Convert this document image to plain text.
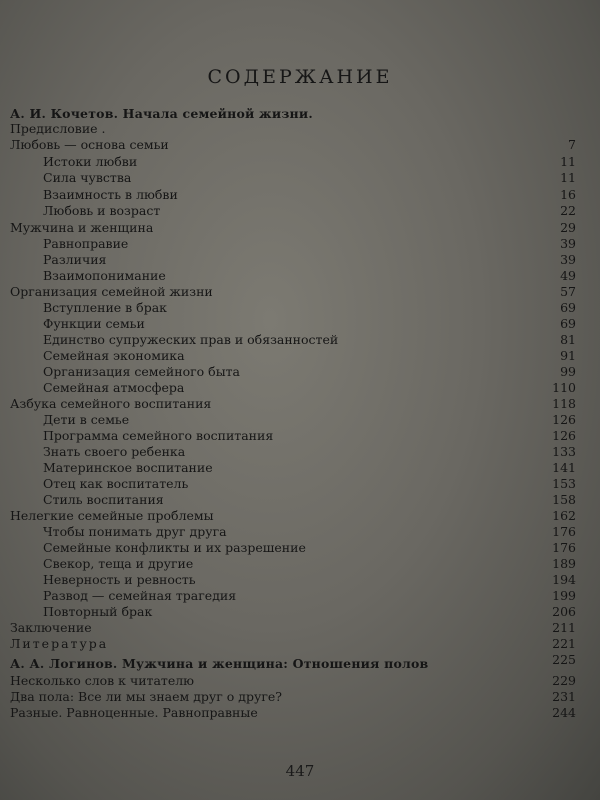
СОДЕРЖАНИЕ
А. И. Кочетов. Начала семейной жизни.
Предисловие .
Любовь — основа семьи
Истоки любви
Сила чувства
Взаимность в любви
Любовь и возраст
Мужчина и женщина
Равноправие
Различия
Взаимопонимание
Организация семейной жизни
Вступление в брак
Функции семьи
Единство супружеских прав и обязанностей
Семейная экономика
Организация семейного быта
Семейная атмосфера
Азбука семейного воспитания
Дети в семье
Программа семейного воспитания
Знать своего ребенка
Материнское воспитание
Отец как воспитатель
Стиль воспитания
Нелегкие семейные проблемы
Чтобы понимать друг друга
Семейные конфликты и их разрешение
Свекор, теща и другие
Неверность и ревность
Развод — семейная трагедия
Повторный брак
Заключение
Литература
А. А. Логинов. Мужчина и женщина: Отношения полов
Несколько слов к читателю
Два пола: Все ли мы знаем друг о друге?
Разные. Равноценные. Равноправные
7
11
11
16
22
29
39
39
49
57
69
69
81
91
99
110
118
126
126
133
141
153
158
162
176
176
189
194
199
206
211
221
225
229
231
244
447
